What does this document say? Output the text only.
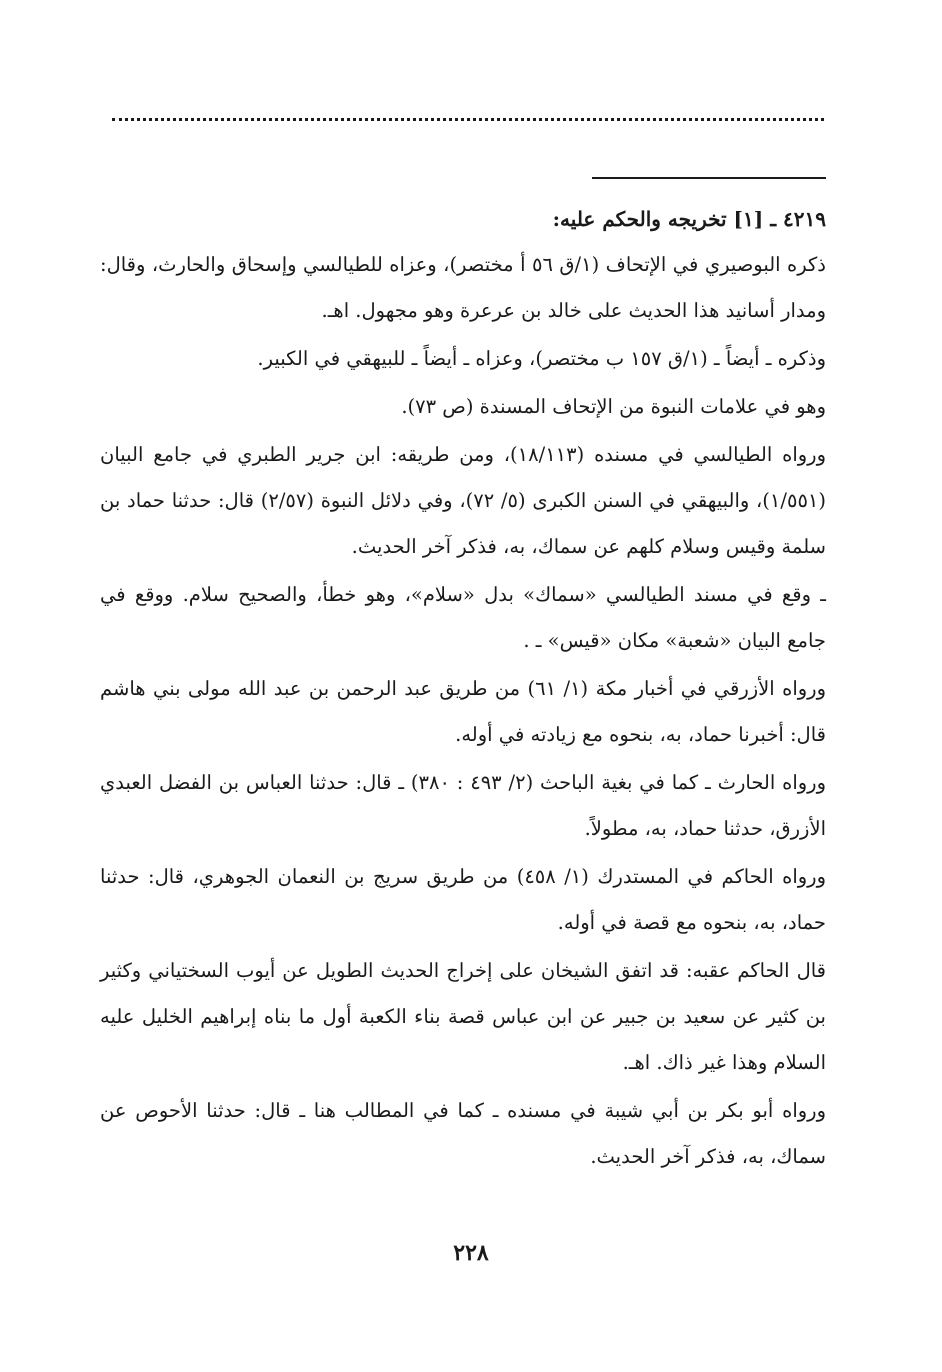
٤٢١٩ ـ [١] تخريجه والحكم عليه:

ذكره البوصيري في الإتحاف (١/ق ٥٦ أ مختصر)، وعزاه للطيالسي وإسحاق والحارث، وقال: ومدار أسانيد هذا الحديث على خالد بن عرعرة وهو مجهول. اهـ.

وذكره ـ أيضاً ـ (١/ق ١٥٧ ب مختصر)، وعزاه ـ أيضاً ـ للبيهقي في الكبير.

وهو في علامات النبوة من الإتحاف المسندة (ص ٧٣).

ورواه الطيالسي في مسنده (١٨/١١٣)، ومن طريقه: ابن جرير الطبري في جامع البيان (١/٥٥١)، والبيهقي في السنن الكبرى (٥/ ٧٢)، وفي دلائل النبوة (٢/٥٧) قال: حدثنا حماد بن سلمة وقيس وسلام كلهم عن سماك، به، فذكر آخر الحديث.

ـ وقع في مسند الطيالسي «سماك» بدل «سلام»، وهو خطأ، والصحيح سلام. ووقع في جامع البيان «شعبة» مكان «قيس» ـ .

ورواه الأزرقي في أخبار مكة (١/ ٦١) من طريق عبد الرحمن بن عبد الله مولى بني هاشم قال: أخبرنا حماد، به، بنحوه مع زيادته في أوله.

ورواه الحارث ـ كما في بغية الباحث (٢/ ٤٩٣ : ٣٨٠) ـ قال: حدثنا العباس بن الفضل العبدي الأزرق، حدثنا حماد، به، مطولاً.

ورواه الحاكم في المستدرك (١/ ٤٥٨) من طريق سريج بن النعمان الجوهري، قال: حدثنا حماد، به، بنحوه مع قصة في أوله.

قال الحاكم عقبه: قد اتفق الشيخان على إخراج الحديث الطويل عن أيوب السختياني وكثير بن كثير عن سعيد بن جبير عن ابن عباس قصة بناء الكعبة أول ما بناه إبراهيم الخليل عليه السلام وهذا غير ذاك. اهـ.

ورواه أبو بكر بن أبي شيبة في مسنده ـ كما في المطالب هنا ـ قال: حدثنا الأحوص عن سماك، به، فذكر آخر الحديث.

٢٢٨
